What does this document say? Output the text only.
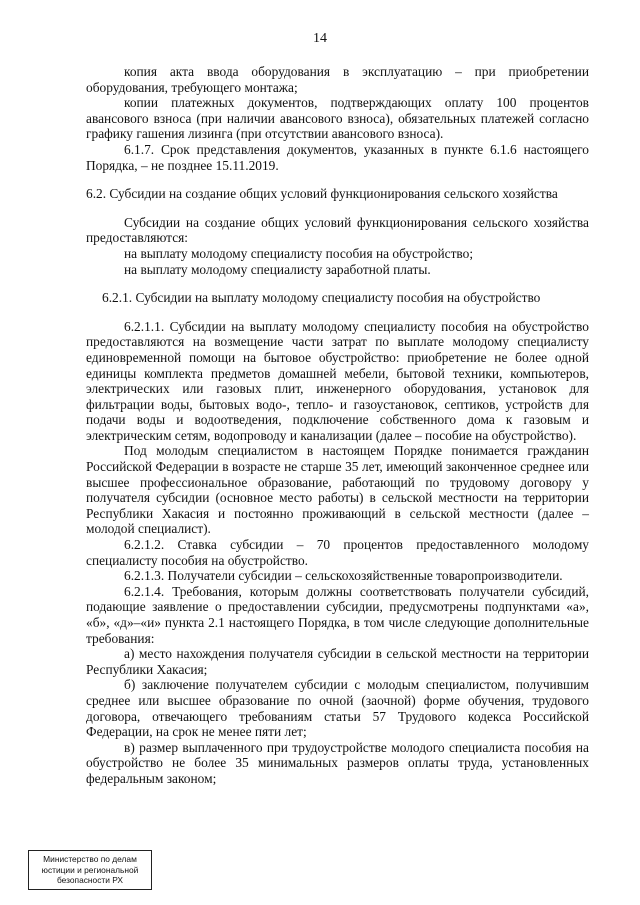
14

копия акта ввода оборудования в эксплуатацию – при приобретении оборудования, требующего монтажа;

копии платежных документов, подтверждающих оплату 100 процентов авансового взноса (при наличии авансового взноса), обязательных платежей согласно графику гашения лизинга (при отсутствии авансового взноса).

6.1.7. Срок представления документов, указанных в пункте 6.1.6 настоящего Порядка, – не позднее 15.11.2019.

6.2. Субсидии на создание общих условий функционирования сельского хозяйства

Субсидии на создание общих условий функционирования сельского хозяйства предоставляются:

на выплату молодому специалисту пособия на обустройство;

на выплату молодому специалисту заработной платы.

6.2.1. Субсидии на выплату молодому специалисту пособия на обустройство

6.2.1.1. Субсидии на выплату молодому специалисту пособия на обустройство предоставляются на возмещение части затрат по выплате молодому специалисту единовременной помощи на бытовое обустройство: приобретение не более одной единицы комплекта предметов домашней мебели, бытовой техники, компьютеров, электрических или газовых плит, инженерного оборудования, установок для фильтрации воды, бытовых водо-, тепло- и газоустановок, септиков, устройств для подачи воды и водоотведения, подключение собственного дома к газовым и электрическим сетям, водопроводу и канализации (далее – пособие на обустройство).

Под молодым специалистом в настоящем Порядке понимается гражданин Российской Федерации в возрасте не старше 35 лет, имеющий законченное среднее или высшее профессиональное образование, работающий по трудовому договору у получателя субсидии (основное место работы) в сельской местности на территории Республики Хакасия и постоянно проживающий в сельской местности (далее – молодой специалист).

6.2.1.2. Ставка субсидии – 70 процентов предоставленного молодому специалисту пособия на обустройство.

6.2.1.3. Получатели субсидии – сельскохозяйственные товаропроизводители.

6.2.1.4. Требования, которым должны соответствовать получатели субсидий, подающие заявление о предоставлении субсидии, предусмотрены подпунктами «а», «б», «д»–«и» пункта 2.1 настоящего Порядка, в том числе следующие дополнительные требования:

а) место нахождения получателя субсидии в сельской местности на территории Республики Хакасия;

б) заключение получателем субсидии с молодым специалистом, получившим среднее или высшее образование по очной (заочной) форме обучения, трудового договора, отвечающего требованиям статьи 57 Трудового кодекса Российской Федерации, на срок не менее пяти лет;

в) размер выплаченного при трудоустройстве молодого специалиста пособия на обустройство не более 35 минимальных размеров оплаты труда, установленных федеральным законом;

Министерство по делам
юстиции и региональной
безопасности РХ
